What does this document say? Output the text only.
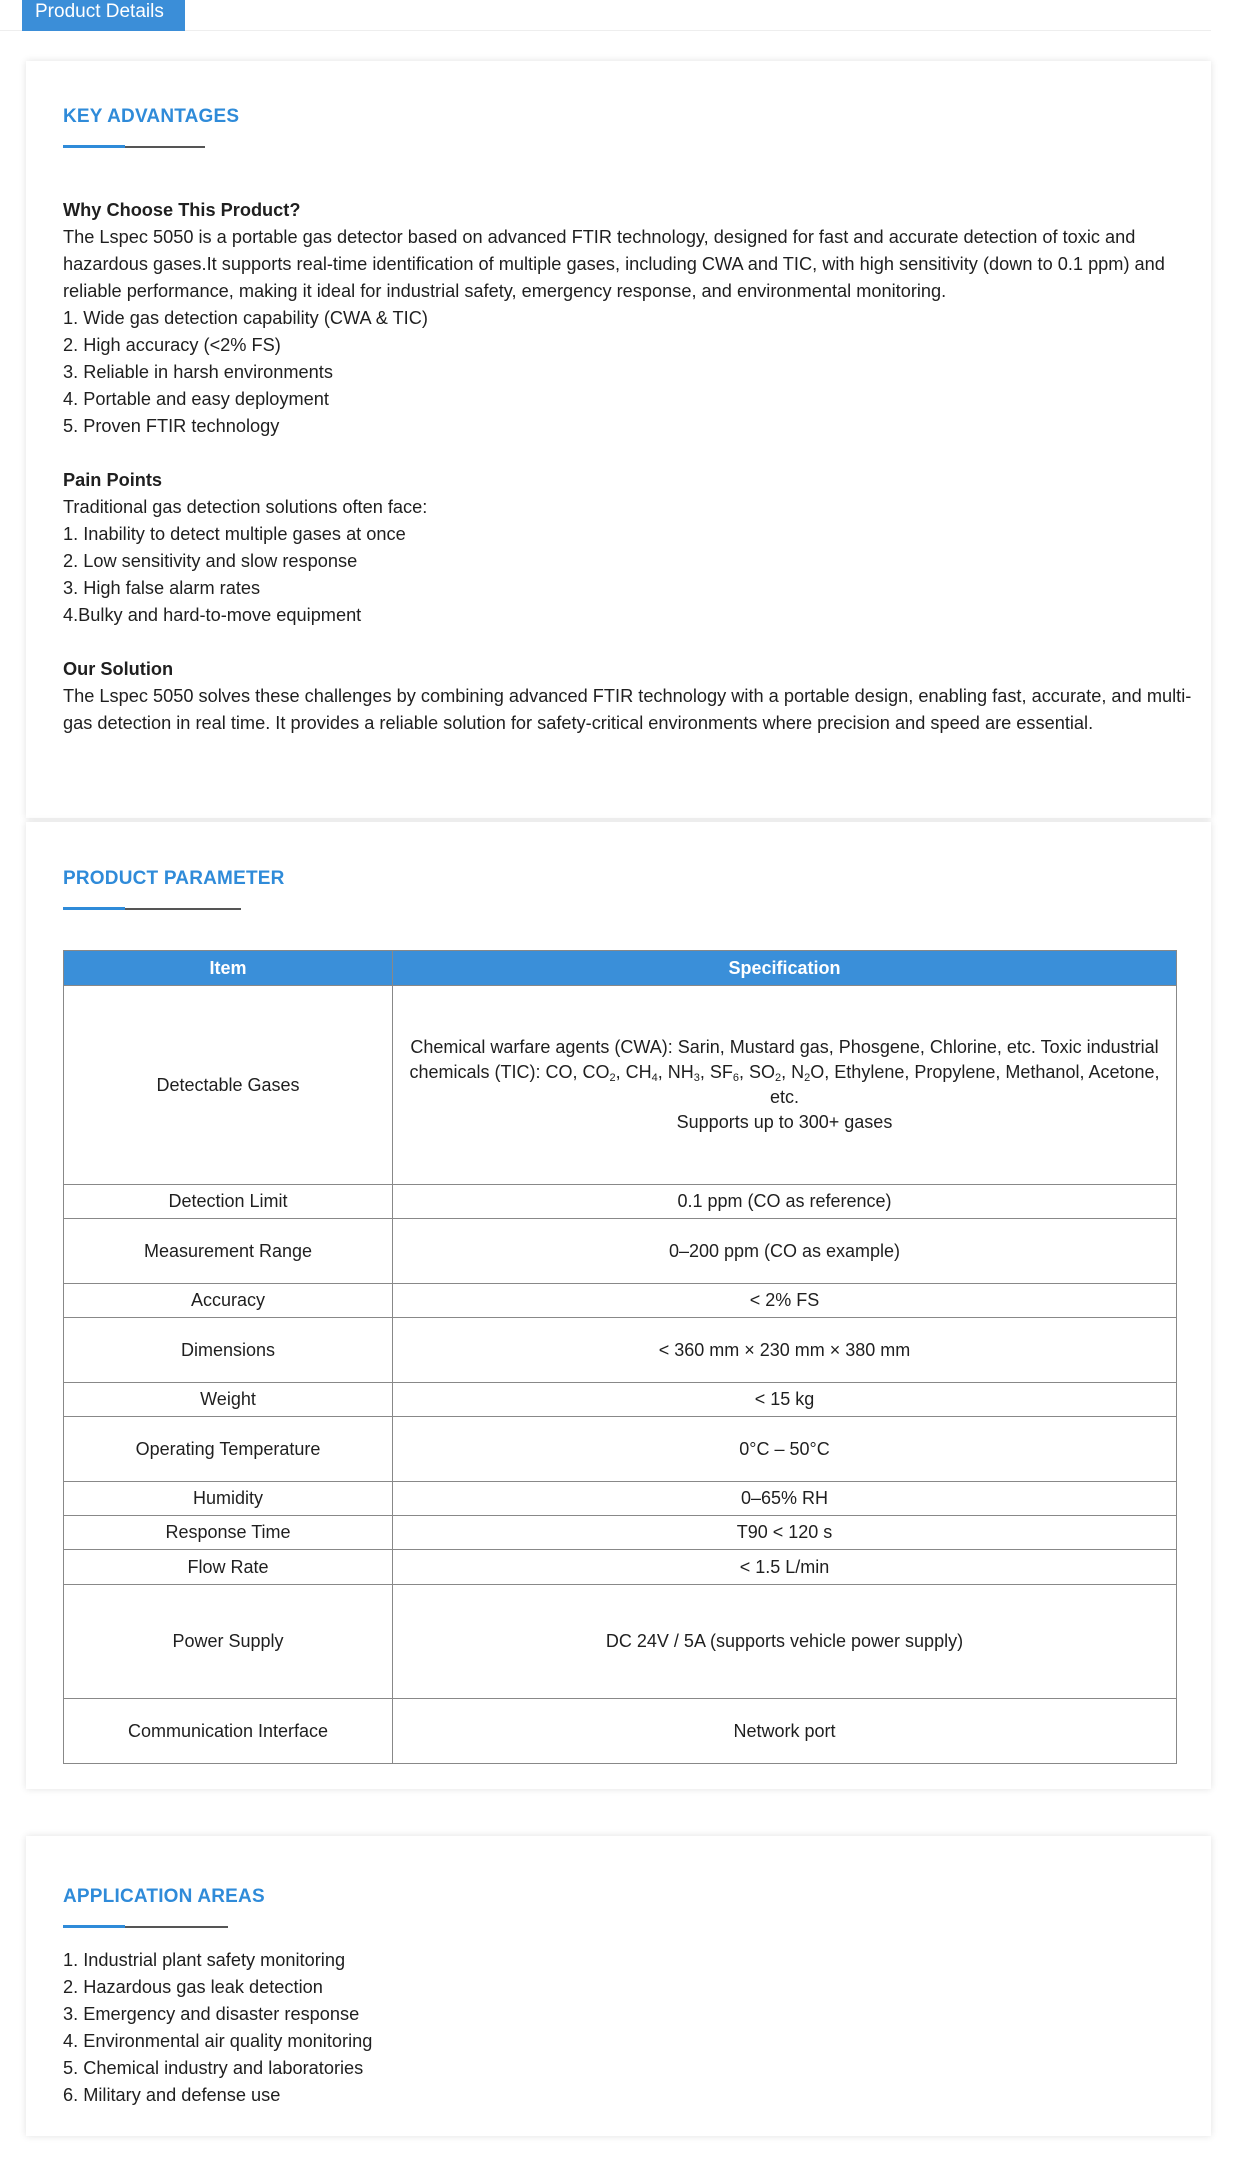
Product Details
KEY ADVANTAGES

Why Choose This Product?

The Lspec 5050 is a portable gas detector based on advanced FTIR technology, designed for fast and accurate detection of toxic and hazardous gases.It supports real-time identification of multiple gases, including CWA and TIC, with high sensitivity (down to 0.1 ppm) and reliable performance, making it ideal for industrial safety, emergency response, and environmental monitoring.

1. Wide gas detection capability (CWA & TIC)

2. High accuracy (<2% FS)

3. Reliable in harsh environments

4. Portable and easy deployment

5. Proven FTIR technology

Pain Points

Traditional gas detection solutions often face:

1. Inability to detect multiple gases at once

2. Low sensitivity and slow response

3. High false alarm rates

4.Bulky and hard-to-move equipment

Our Solution

The Lspec 5050 solves these challenges by combining advanced FTIR technology with a portable design, enabling fast, accurate, and multi-gas detection in real time. It provides a reliable solution for safety-critical environments where precision and speed are essential.

PRODUCT PARAMETER
Item	Specification
Detectable Gases	Chemical warfare agents (CWA): Sarin, Mustard gas, Phosgene, Chlorine, etc. Toxic industrial
chemicals (TIC): CO, $CO_2$, $CH_4$, $NH_3$, $SF_6$, $SO_2$, $N_2O$, Ethylene, Propylene, Methanol, Acetone, etc.
Supports up to 300+ gases
Detection Limit	0.1 ppm (CO as reference)
Measurement Range	0–200 ppm (CO as example)
Accuracy	< 2% FS
Dimensions	< 360 mm × 230 mm × 380 mm
Weight	< 15 kg
Operating Temperature	0°C – 50°C
Humidity	0–65% RH
Response Time	T90 < 120 s
Flow Rate	< 1.5 L/min
Power Supply	DC 24V / 5A (supports vehicle power supply)
Communication Interface	Network port
APPLICATION AREAS

1. Industrial plant safety monitoring

2. Hazardous gas leak detection

3. Emergency and disaster response

4. Environmental air quality monitoring

5. Chemical industry and laboratories

6. Military and defense use
